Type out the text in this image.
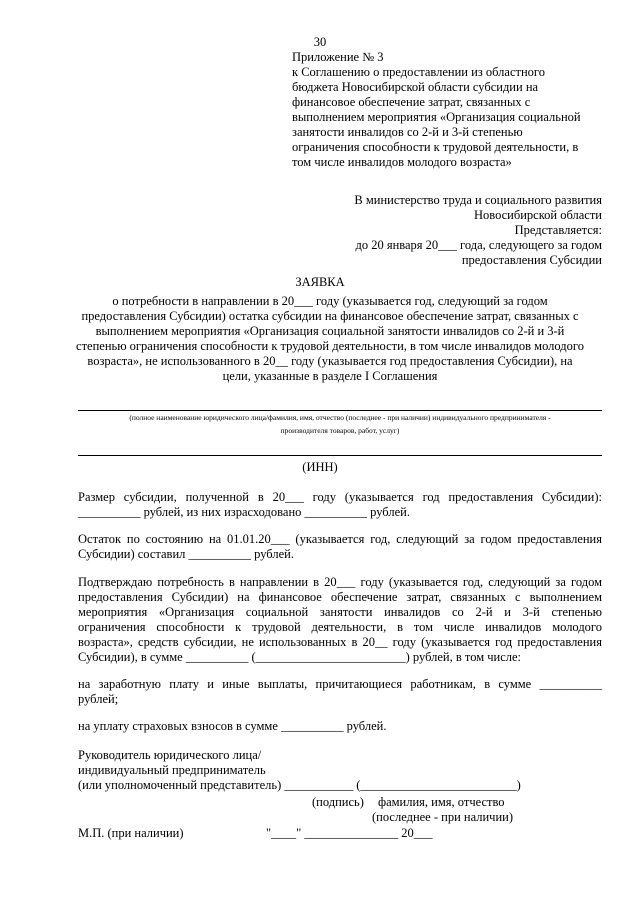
30
Приложение № 3
к Соглашению о предоставлении из областного
бюджета Новосибирской области субсидии на
финансовое обеспечение затрат, связанных с
выполнением мероприятия «Организация социальной
занятости инвалидов со 2-й и 3-й степенью
ограничения способности к трудовой деятельности, в
том числе инвалидов молодого возраста»
В министерство труда и социального развития
Новосибирской области
Представляется:
до 20 января 20___ года, следующего за годом
предоставления Субсидии
ЗАЯВКА
о потребности в направлении в 20___ году (указывается год, следующий за годом
предоставления Субсидии) остатка субсидии на финансовое обеспечение затрат, связанных с
выполнением мероприятия «Организация социальной занятости инвалидов со 2-й и 3-й
степенью ограничения способности к трудовой деятельности, в том числе инвалидов молодого
возраста», не использованного в 20__ году (указывается год предоставления Субсидии), на
цели, указанные в разделе I Соглашения
(полное наименование юридического лица/фамилия, имя, отчество (последнее - при наличии) индивидуального предпринимателя -
производителя товаров, работ, услуг)
(ИНН)
Размер субсидии, полученной в 20___ году (указывается год предоставления Субсидии):
__________ рублей, из них израсходовано __________ рублей.
Остаток по состоянию на 01.01.20___ (указывается год, следующий за годом предоставления
Субсидии) составил __________ рублей.
Подтверждаю потребность в направлении в 20___ году (указывается год, следующий за годом
предоставления Субсидии) на финансовое обеспечение затрат, связанных с выполнением
мероприятия «Организация социальной занятости инвалидов со 2-й и 3-й степенью
ограничения способности к трудовой деятельности, в том числе инвалидов молодого
возраста», средств субсидии, не использованных в 20__ году (указывается год предоставления
Субсидии), в сумме __________ (________________________) рублей, в том числе:
на заработную плату и иные выплаты, причитающиеся работникам, в сумме __________
рублей;
на уплату страховых взносов в сумме __________ рублей.
Руководитель юридического лица/
индивидуальный предприниматель
(или уполномоченный представитель) ___________ (_________________________)
(подпись) фамилия, имя, отчество
(последнее - при наличии)
М.П. (при наличии)	"____" _______________ 20___
